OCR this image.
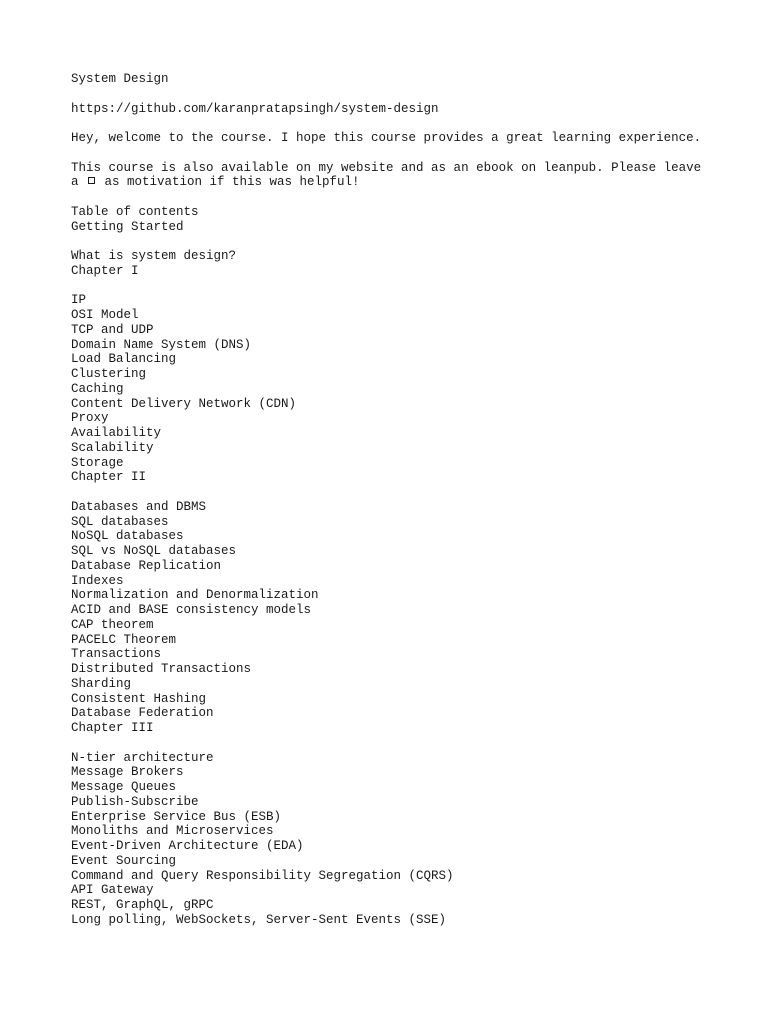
System Design
https://github.com/karanpratapsingh/system-design
Hey, welcome to the course. I hope this course provides a great learning experience.
This course is also available on my website and as an ebook on leanpub. Please leave a  as motivation if this was helpful!
Table of contents
Getting Started
What is system design?
Chapter I
IP
OSI Model
TCP and UDP
Domain Name System (DNS)
Load Balancing
Clustering
Caching
Content Delivery Network (CDN)
Proxy
Availability
Scalability
Storage
Chapter II
Databases and DBMS
SQL databases
NoSQL databases
SQL vs NoSQL databases
Database Replication
Indexes
Normalization and Denormalization
ACID and BASE consistency models
CAP theorem
PACELC Theorem
Transactions
Distributed Transactions
Sharding
Consistent Hashing
Database Federation
Chapter III
N-tier architecture
Message Brokers
Message Queues
Publish-Subscribe
Enterprise Service Bus (ESB)
Monoliths and Microservices
Event-Driven Architecture (EDA)
Event Sourcing
Command and Query Responsibility Segregation (CQRS)
API Gateway
REST, GraphQL, gRPC
Long polling, WebSockets, Server-Sent Events (SSE)
